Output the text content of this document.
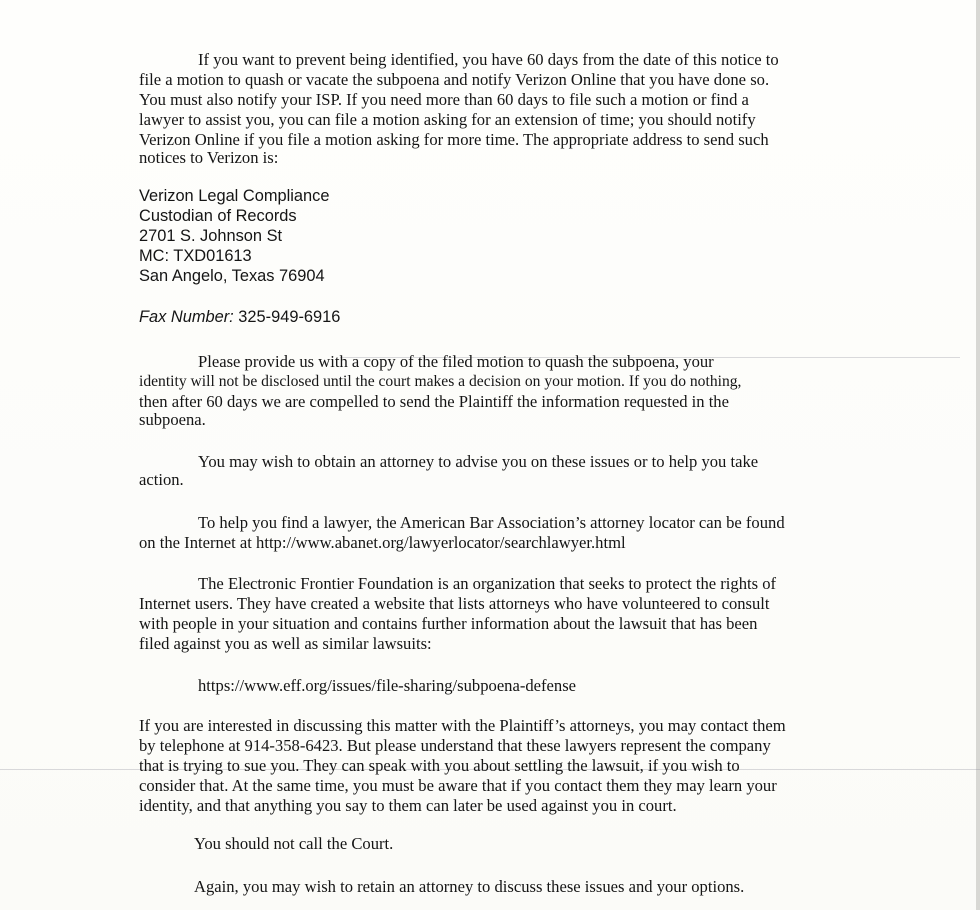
If you want to prevent being identified, you have 60 days from the date of this notice to
file a motion to quash or vacate the subpoena and notify Verizon Online that you have done so.
You must also notify your ISP. If you need more than 60 days to file such a motion or find a
lawyer to assist you, you can file a motion asking for an extension of time; you should notify
Verizon Online if you file a motion asking for more time. The appropriate address to send such
notices to Verizon is:
Verizon Legal Compliance
Custodian of Records
2701 S. Johnson St
MC: TXD01613
San Angelo, Texas 76904
Fax Number: 325-949-6916
Please provide us with a copy of the filed motion to quash the subpoena, your
identity will not be disclosed until the court makes a decision on your motion. If you do nothing,
then after 60 days we are compelled to send the Plaintiff the information requested in the
subpoena.
You may wish to obtain an attorney to advise you on these issues or to help you take
action.
To help you find a lawyer, the American Bar Association’s attorney locator can be found
on the Internet at http://www.abanet.org/lawyerlocator/searchlawyer.html
The Electronic Frontier Foundation is an organization that seeks to protect the rights of
Internet users. They have created a website that lists attorneys who have volunteered to consult
with people in your situation and contains further information about the lawsuit that has been
filed against you as well as similar lawsuits:
https://www.eff.org/issues/file-sharing/subpoena-defense
If you are interested in discussing this matter with the Plaintiff’s attorneys, you may contact them
by telephone at 914-358-6423. But please understand that these lawyers represent the company
that is trying to sue you. They can speak with you about settling the lawsuit, if you wish to
consider that. At the same time, you must be aware that if you contact them they may learn your
identity, and that anything you say to them can later be used against you in court.
You should not call the Court.
Again, you may wish to retain an attorney to discuss these issues and your options.
